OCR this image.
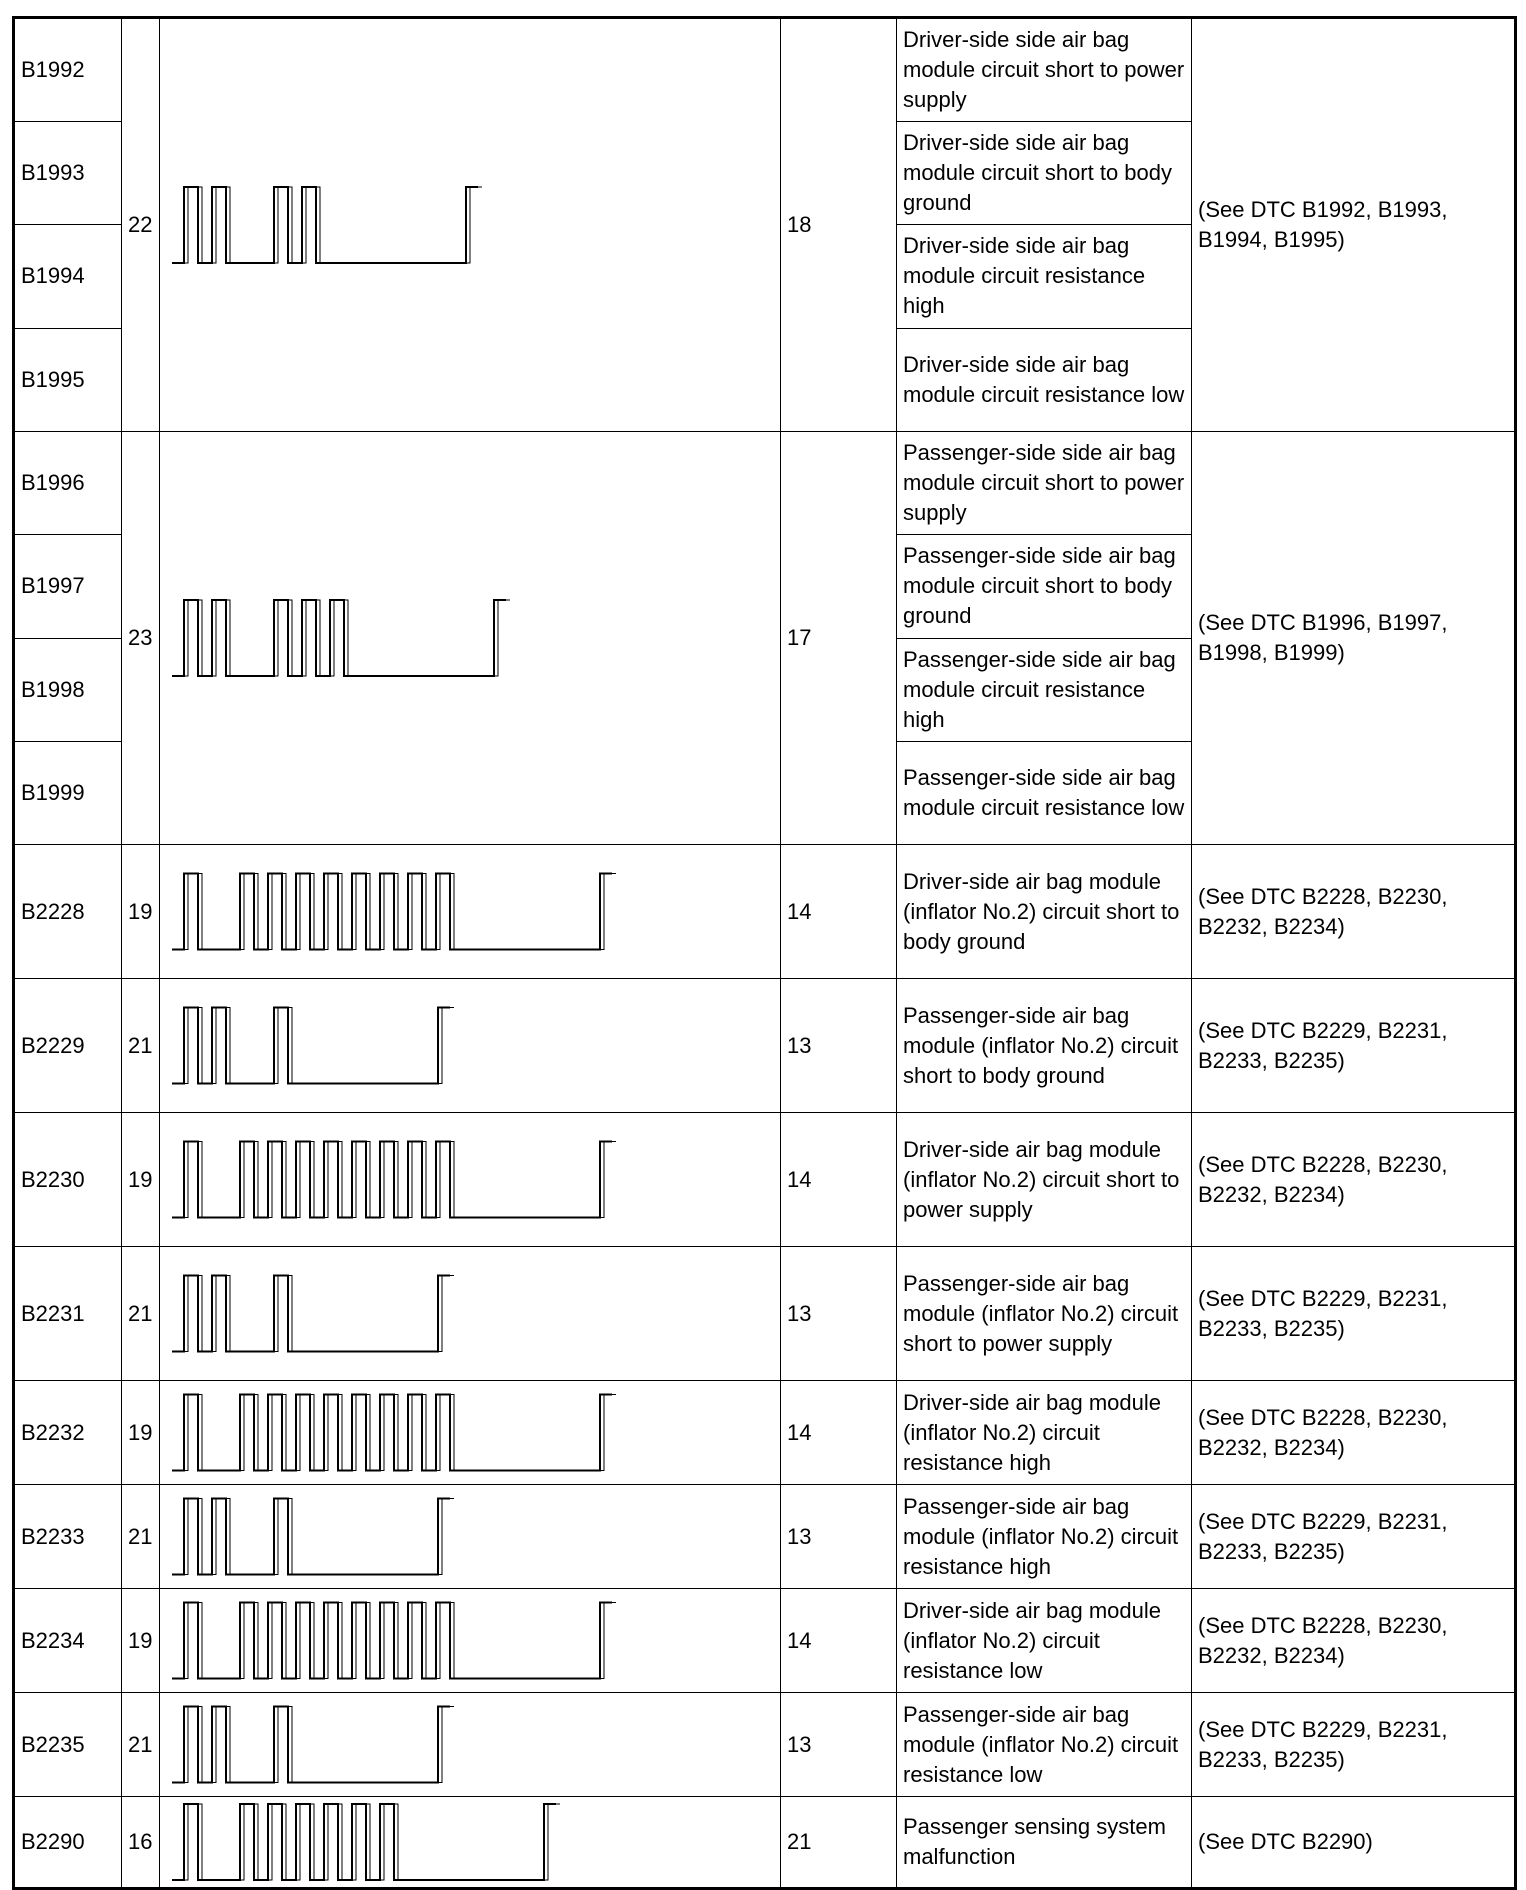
B1992	22		18	Driver-side side air bag module circuit short to power supply	(See DTC B1992, B1993, B1994, B1995)
B1993				Driver-side side air bag module circuit short to body ground	
B1994				Driver-side side air bag module circuit resistance high	
B1995				Driver-side side air bag module circuit resistance low	
B1996	23		17	Passenger-side side air bag module circuit short to power supply	(See DTC B1996, B1997, B1998, B1999)
B1997				Passenger-side side air bag module circuit short to body ground	
B1998				Passenger-side side air bag module circuit resistance high	
B1999				Passenger-side side air bag module circuit resistance low	
B2228	19		14	Driver-side air bag module (inflator No.2) circuit short to body ground	(See DTC B2228, B2230, B2232, B2234)
B2229	21		13	Passenger-side air bag module (inflator No.2) circuit short to body ground	(See DTC B2229, B2231, B2233, B2235)
B2230	19		14	Driver-side air bag module (inflator No.2) circuit short to power supply	(See DTC B2228, B2230, B2232, B2234)
B2231	21		13	Passenger-side air bag module (inflator No.2) circuit short to power supply	(See DTC B2229, B2231, B2233, B2235)
B2232	19		14	Driver-side air bag module (inflator No.2) circuit resistance high	(See DTC B2228, B2230, B2232, B2234)
B2233	21		13	Passenger-side air bag module (inflator No.2) circuit resistance high	(See DTC B2229, B2231, B2233, B2235)
B2234	19		14	Driver-side air bag module (inflator No.2) circuit resistance low	(See DTC B2228, B2230, B2232, B2234)
B2235	21		13	Passenger-side air bag module (inflator No.2) circuit resistance low	(See DTC B2229, B2231, B2233, B2235)
B2290	16		21	Passenger sensing system malfunction	(See DTC B2290)
